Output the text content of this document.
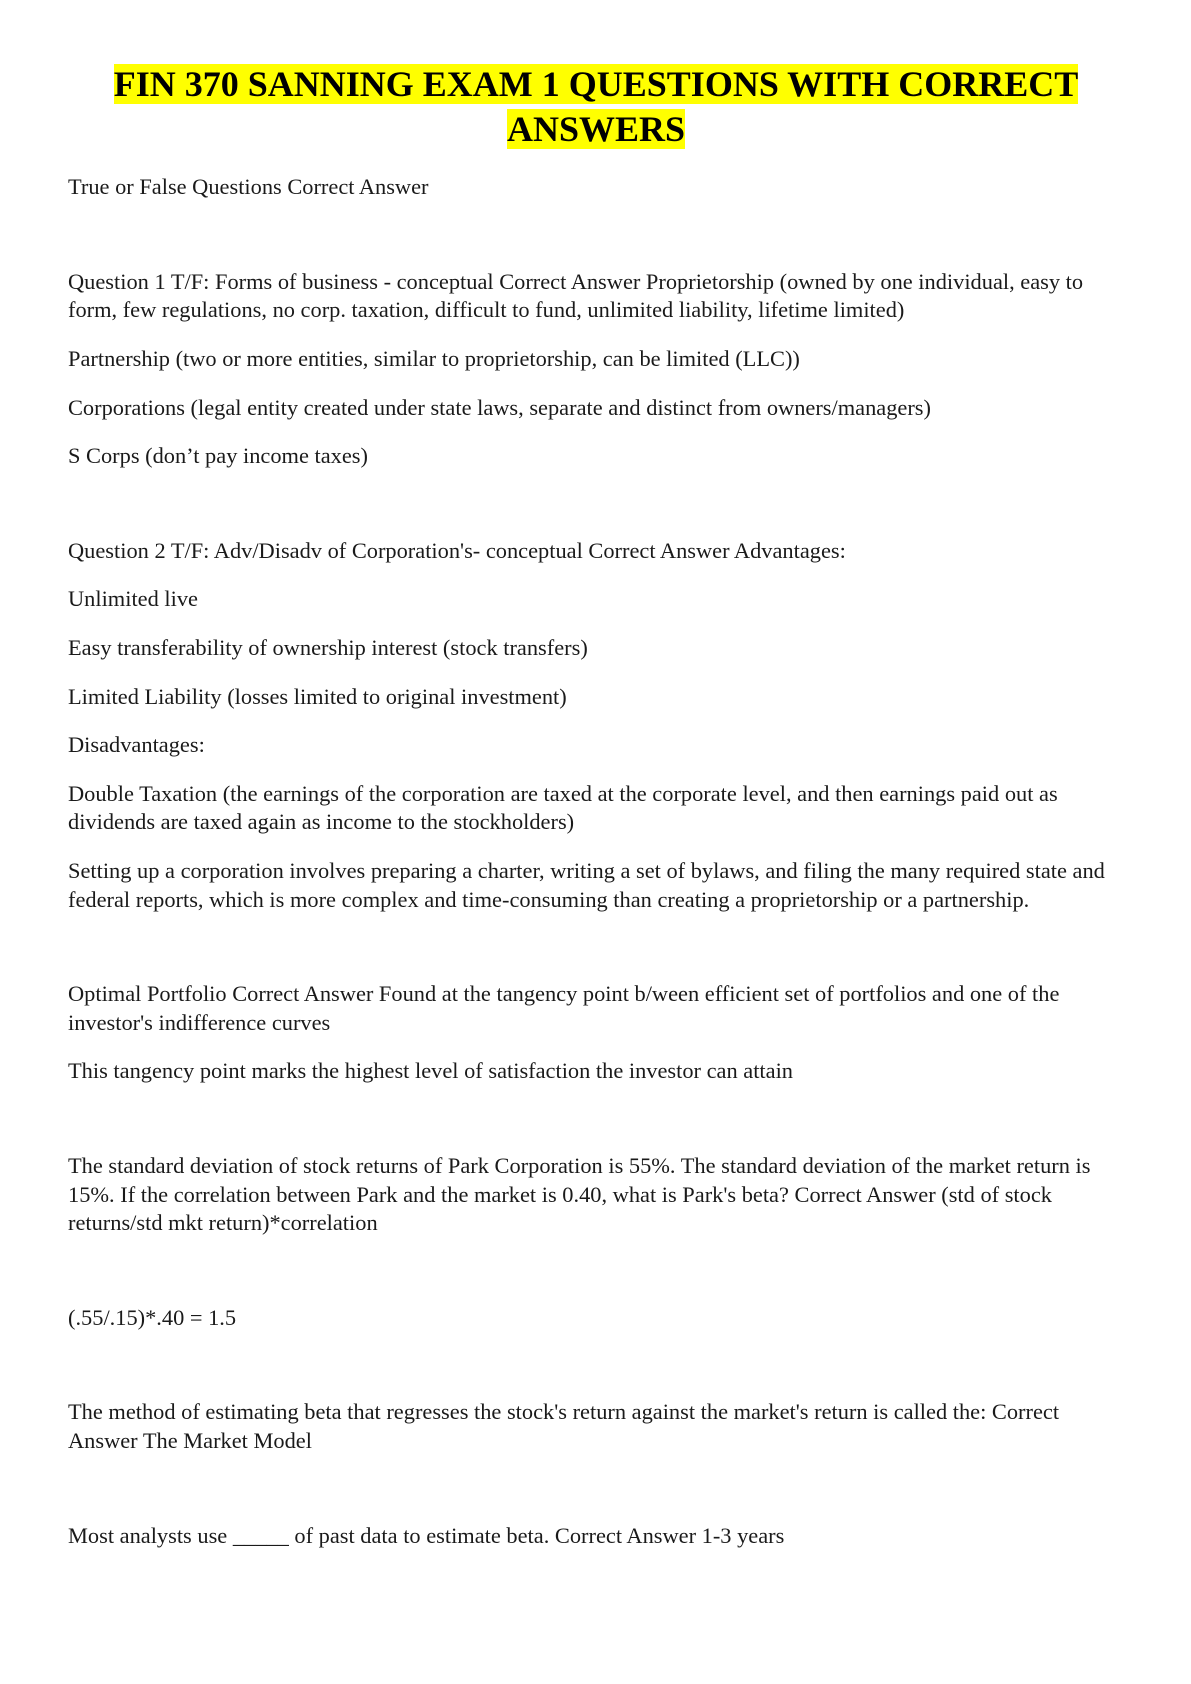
FIN 370 SANNING EXAM 1 QUESTIONS WITH CORRECT ANSWERS

True or False Questions Correct Answer

Question 1 T/F: Forms of business - conceptual Correct Answer Proprietorship (owned by one individual, easy to form, few regulations, no corp. taxation, difficult to fund, unlimited liability, lifetime limited)

Partnership (two or more entities, similar to proprietorship, can be limited (LLC))

Corporations (legal entity created under state laws, separate and distinct from owners/managers)

S Corps (don’t pay income taxes)

Question 2 T/F: Adv/Disadv of Corporation's- conceptual Correct Answer Advantages:

Unlimited live

Easy transferability of ownership interest (stock transfers)

Limited Liability (losses limited to original investment)

Disadvantages:

Double Taxation (the earnings of the corporation are taxed at the corporate level, and then earnings paid out as dividends are taxed again as income to the stockholders)

Setting up a corporation involves preparing a charter, writing a set of bylaws, and filing the many required state and federal reports, which is more complex and time-consuming than creating a proprietorship or a partnership.

Optimal Portfolio Correct Answer Found at the tangency point b/ween efficient set of portfolios and one of the investor's indifference curves

This tangency point marks the highest level of satisfaction the investor can attain

The standard deviation of stock returns of Park Corporation is 55%. The standard deviation of the market return is 15%. If the correlation between Park and the market is 0.40, what is Park's beta? Correct Answer (std of stock returns/std mkt return)*correlation

(.55/.15)*.40 = 1.5

The method of estimating beta that regresses the stock's return against the market's return is called the: Correct Answer The Market Model

Most analysts use _____ of past data to estimate beta. Correct Answer 1-3 years
